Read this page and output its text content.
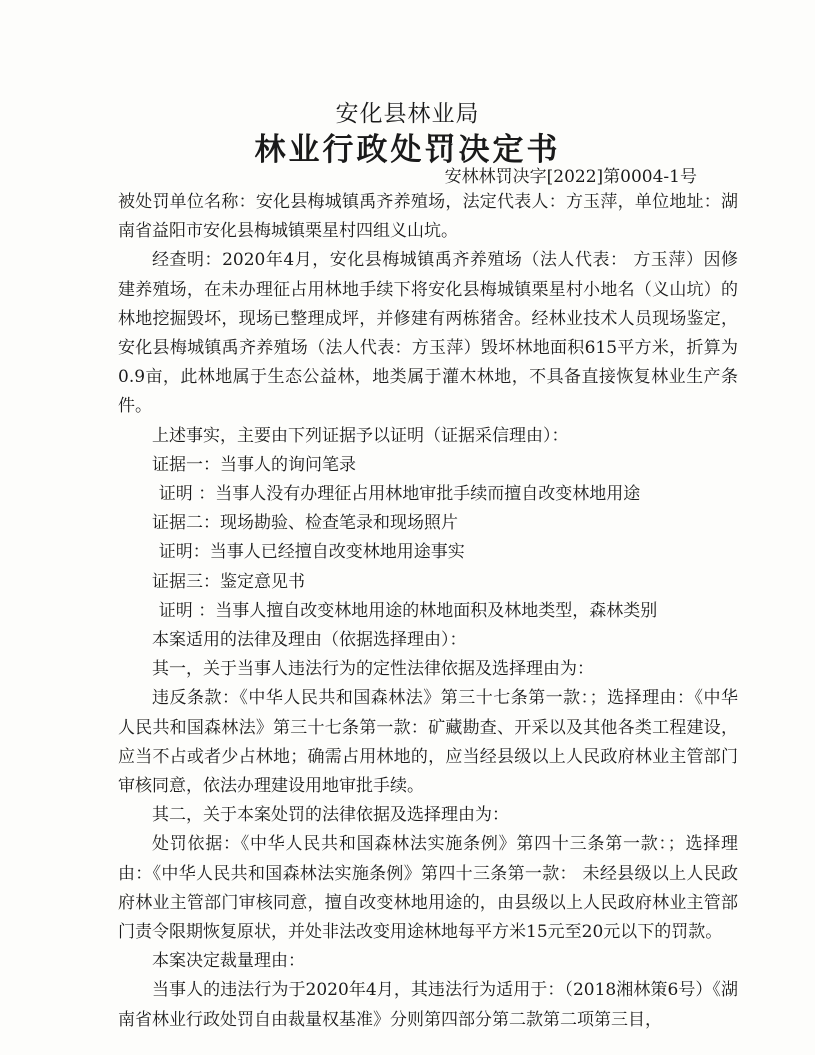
安化县林业局
林业行政处罚决定书
安林林罚决字[2022]第0004-1号

被处罚单位名称：安化县梅城镇禹齐养殖场，法定代表人：方玉萍，单位地址：湖南省益阳市安化县梅城镇栗星村四组义山坑。

经查明：2020年4月，安化县梅城镇禹齐养殖场（法人代表： 方玉萍）因修建养殖场，在未办理征占用林地手续下将安化县梅城镇栗星村小地名（义山坑）的林地挖掘毁坏，现场已整理成坪，并修建有两栋猪舍。经林业技术人员现场鉴定，安化县梅城镇禹齐养殖场（法人代表：方玉萍）毁坏林地面积615平方米，折算为0.9亩，此林地属于生态公益林，地类属于灌木林地，不具备直接恢复林业生产条件。

上述事实，主要由下列证据予以证明（证据采信理由）：

证据一：当事人的询问笔录

证明 ：当事人没有办理征占用林地审批手续而擅自改变林地用途

证据二：现场勘验、检查笔录和现场照片

证明：当事人已经擅自改变林地用途事实

证据三：鉴定意见书

证明 ：当事人擅自改变林地用途的林地面积及林地类型，森林类别

本案适用的法律及理由（依据选择理由）：

其一，关于当事人违法行为的定性法律依据及选择理由为：

违反条款：《中华人民共和国森林法》第三十七条第一款：；选择理由：《中华人民共和国森林法》第三十七条第一款：矿藏勘查、开采以及其他各类工程建设，应当不占或者少占林地；确需占用林地的，应当经县级以上人民政府林业主管部门审核同意，依法办理建设用地审批手续。

其二，关于本案处罚的法律依据及选择理由为：

处罚依据：《中华人民共和国森林法实施条例》第四十三条第一款：；选择理由：《中华人民共和国森林法实施条例》第四十三条第一款： 未经县级以上人民政府林业主管部门审核同意，擅自改变林地用途的，由县级以上人民政府林业主管部门责令限期恢复原状，并处非法改变用途林地每平方米15元至20元以下的罚款。

本案决定裁量理由：

当事人的违法行为于2020年4月，其违法行为适用于：（2018湘林策6号）《湖南省林业行政处罚自由裁量权基准》分则第四部分第二款第二项第三目，
